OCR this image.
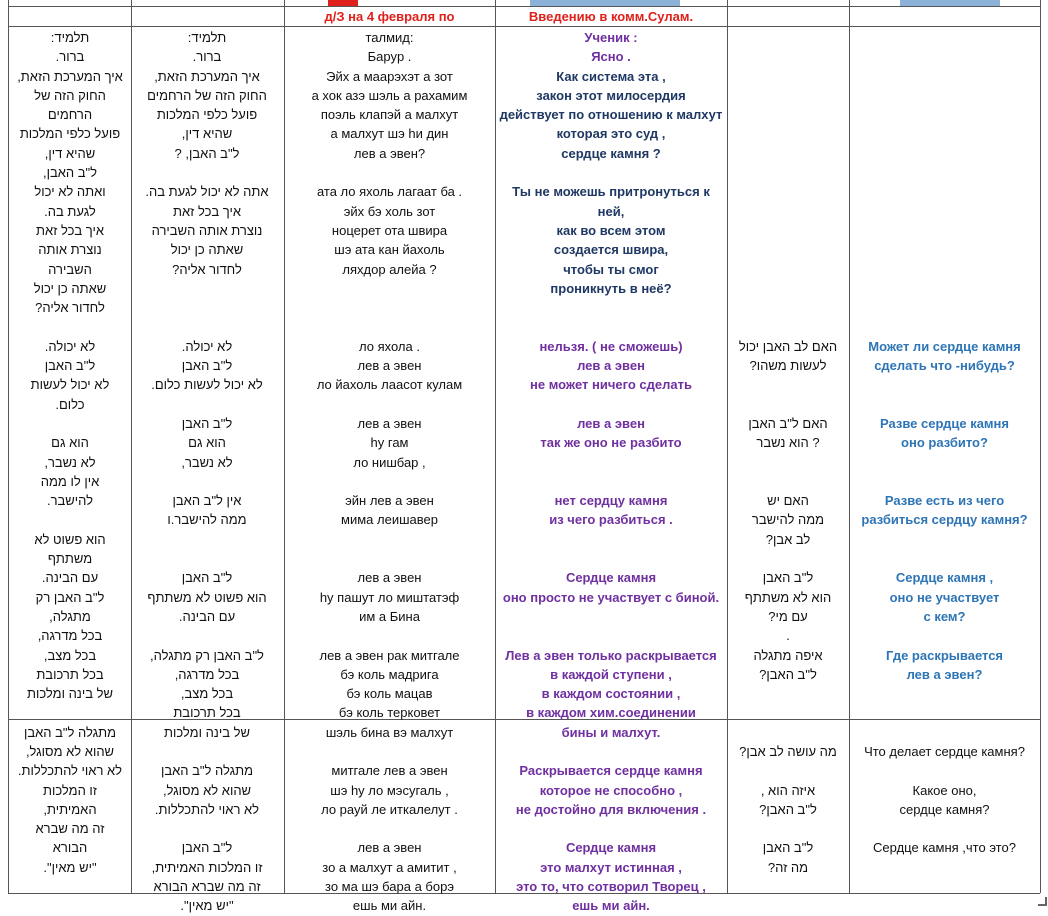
д/З на 4 февраля по	Введению в комм.Сулам.
תלמיד:
ברור.
איך המערכת הזאת,
החוק הזה של
הרחמים
פועל כלפי המלכות
שהיא דין,
ל"ב האבן,
ואתה לא יכול
לגעת בה.
איך בכל זאת
נוצרת אותה
השבירה
שאתה כן יכול
לחדור אליה?

לא יכולה.
ל"ב האבן
לא יכול לעשות
כלום.

הוא גם
לא נשבר,
אין לו ממה
להישבר.

הוא פשוט לא
משתתף
עם הבינה.
ל"ב האבן רק
מתגלה,
בכל מדרגה,
בכל מצב,
בכל תרכובת
של בינה ומלכות

מתגלה ל"ב האבן
שהוא לא מסוגל,
לא ראוי להתכללות.
זו המלכות
האמיתית,
זה מה שברא
הבורא
"יש מאין".
תלמיד:
ברור.
איך המערכת הזאת,
החוק הזה של הרחמים
פועל כלפי המלכות
שהיא דין,
ל"ב האבן, ?

אתה לא יכול לגעת בה.
איך בכל זאת
נוצרת אותה השבירה
שאתה כן יכול
לחדור אליה?

לא יכולה.
ל"ב האבן
לא יכול לעשות כלום.

ל"ב האבן
הוא גם
לא נשבר,

אין ל"ב האבן
ממה להישבר.ו

ל"ב האבן
הוא פשוט לא משתתף
עם הבינה.

ל"ב האבן רק מתגלה,
בכל מדרגה,
בכל מצב,
בכל תרכובת
של בינה ומלכות

מתגלה ל"ב האבן
שהוא לא מסוגל,
לא ראוי להתכללות.

ל"ב האבן
זו המלכות האמיתית,
זה מה שברא הבורא
"יש מאין".
талмид:
Баруp .
Эйх а маарэхэт а зот
а хок азэ шэль а рахамим
поэль клапэй а малхут
а малхут шэ hи дин
лев а эвен?

ата ло яхоль лагаат ба .
эйх бэ холь зот
ноцерет ота швира
шэ ата кан йахоль
ляхдор алейа ?

ло яхола .
лев а эвен
ло йахоль лаасот кулам

лев а эвен
hу гам
ло нишбар ,

эйн лев а эвен
мима леишавер

лев а эвен
hу пашут ло миштатэф
им а Бина

лев а эвен рак митгале
бэ коль мадрига
бэ коль мацав
бэ коль терковет
шэль бина вэ малхут

митгале лев а эвен
шэ hу ло мэсугаль ,
ло рауй ле иткалелут .

лев а эвен
зо а малхут а амитит ,
зо ма шэ бара а борэ
ешь ми айн.
Ученик :
Ясно .
Как система эта ,
закон этот милосердия
действует по отношению к малхут
которая это суд ,
сердце камня ?

Ты не можешь притронуться к
ней,
как во всем этом
создается швира,
чтобы ты смог
проникнуть в неё?

нельзя. ( не сможешь)
лев а эвен
не может ничего сделать

лев а эвен
так же оно не разбито

нет сердцу камня
из чего разбиться .

Сердце камня
оно просто не участвует с биной.

Лев а эвен только раскрывается
в каждой ступени ,
в каждом состоянии ,
в каждом хим.соединении
бины и малхут.

Раскрывается сердце камня
которое не способно ,
не достойно для включения .

Сердце камня
это малхут истинная ,
это то, что сотворил Творец ,
ешь ми айн.

האם לב האבן יכול
לעשות משהו?

האם ל"ב האבן
? הוא נשבר

האם יש
ממה להישבר
לב אבן?

ל"ב האבן
הוא לא משתתף
עם מי?
.
איפה מתגלה
ל"ב האבן?

מה עושה לב אבן?

איזה הוא ,
ל"ב האבן?

ל"ב האבן
מה זה?

Может ли сердце камня
сделать что -нибудь?

Разве сердце камня
оно разбито?

Разве есть из чего
разбиться сердцу камня?

Сердце камня ,
оно не участвует
с кем?

Где раскрывается
лев а эвен?

Что делает сердце камня?

Какое оно,
сердце камня?

Сердце камня ,что это?
